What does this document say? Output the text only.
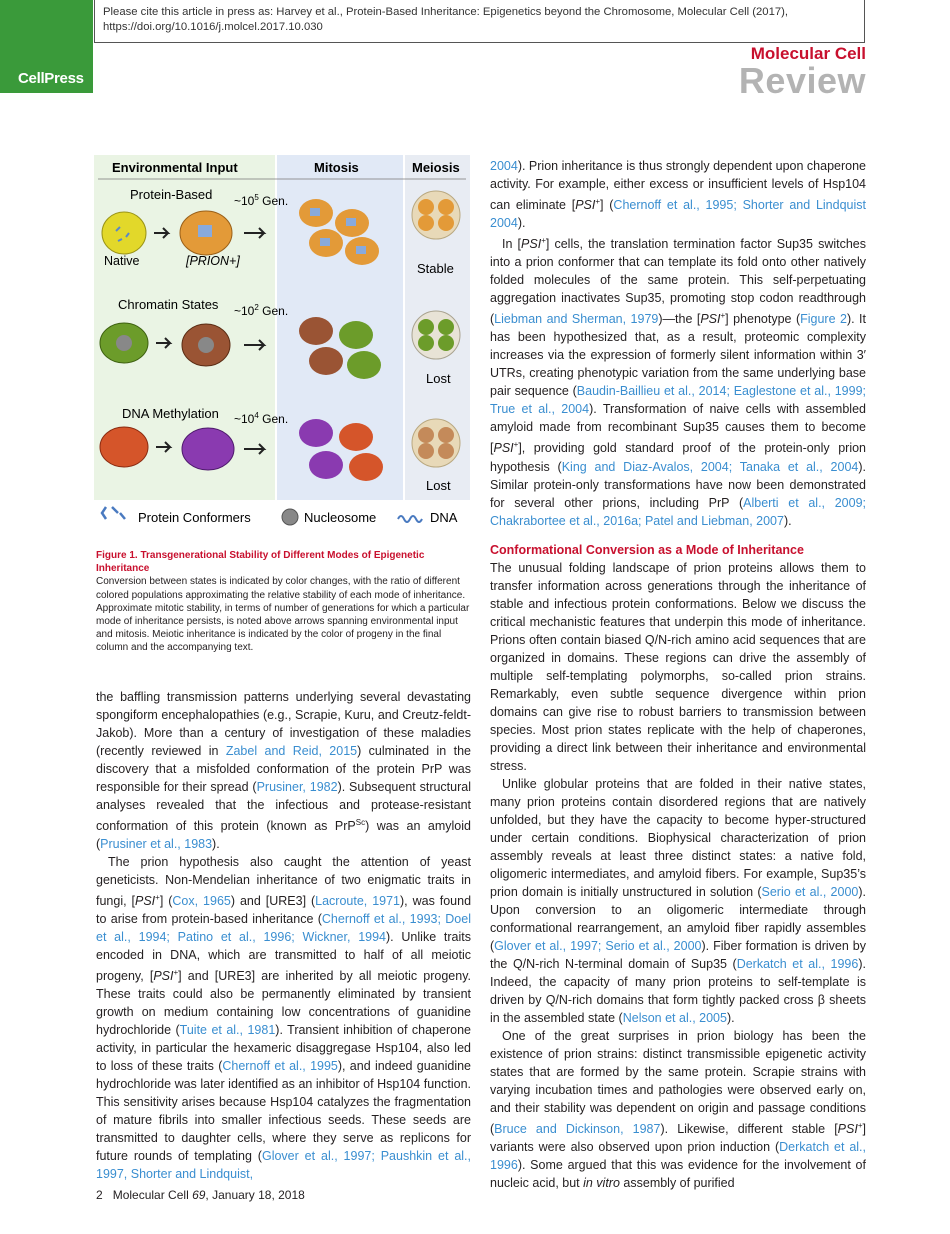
CellPress
Please cite this article in press as: Harvey et al., Protein-Based Inheritance: Epigenetics beyond the Chromosome, Molecular Cell (2017), https://doi.org/10.1016/j.molcel.2017.10.030
Molecular Cell
Review
Environmental Input	Mitosis	Meiosis
Protein-Based $\sim 10^5$ Gen.
Native	[PRION+]	Stable
Chromatin States $\sim 10^2$ Gen.
Lost
DNA Methylation $\sim 10^4$ Gen.
Lost
Protein Conformers	Nucleosome	DNA
Figure 1. Transgenerational Stability of Different Modes of Epigenetic Inheritance
Conversion between states is indicated by color changes, with the ratio of different colored populations approximating the relative stability of each mode of inheritance. Approximate mitotic stability, in terms of number of generations for which a particular mode of inheritance persists, is noted above arrows spanning environmental input and mitosis. Meiotic inheritance is indicated by the color of progeny in the final column and the accompanying text.

the baffling transmission patterns underlying several devastating spongiform encephalopathies (e.g., Scrapie, Kuru, and Creutz-feldt-Jakob). More than a century of investigation of these maladies (recently reviewed in Zabel and Reid, 2015) culminated in the discovery that a misfolded conformation of the protein PrP was responsible for their spread (Prusiner, 1982). Subsequent structural analyses revealed that the infectious and protease-resistant conformation of this protein (known as PrP$^{Sc}$) was an amyloid (Prusiner et al., 1983).

The prion hypothesis also caught the attention of yeast geneticists. Non-Mendelian inheritance of two enigmatic traits in fungi, [PSI+] (Cox, 1965) and [URE3] (Lacroute, 1971), was found to arise from protein-based inheritance (Chernoff et al., 1993; Doel et al., 1994; Patino et al., 1996; Wickner, 1994). Unlike traits encoded in DNA, which are transmitted to half of all meiotic progeny, [PSI+] and [URE3] are inherited by all meiotic progeny. These traits could also be permanently eliminated by transient growth on medium containing low concentrations of guanidine hydrochloride (Tuite et al., 1981). Transient inhibition of chaperone activity, in particular the hexameric disaggregase Hsp104, also led to loss of these traits (Chernoff et al., 1995), and indeed guanidine hydrochloride was later identified as an inhibitor of Hsp104 function. This sensitivity arises because Hsp104 catalyzes the fragmentation of mature fibrils into smaller infectious seeds. These seeds are transmitted to daughter cells, where they serve as replicons for future rounds of templating (Glover et al., 1997; Paushkin et al., 1997, Shorter and Lindquist,

2004). Prion inheritance is thus strongly dependent upon chaperone activity. For example, either excess or insufficient levels of Hsp104 can eliminate [PSI+] (Chernoff et al., 1995; Shorter and Lindquist 2004).

In [PSI+] cells, the translation termination factor Sup35 switches into a prion conformer that can template its fold onto other natively folded molecules of the same protein. This self-perpetuating aggregation inactivates Sup35, promoting stop codon readthrough (Liebman and Sherman, 1979)—the [PSI+] phenotype (Figure 2). It has been hypothesized that, as a result, proteomic complexity increases via the expression of formerly silent information within 3′ UTRs, creating phenotypic variation from the same underlying base pair sequence (Baudin-Baillieu et al., 2014; Eaglestone et al., 1999; True et al., 2004). Transformation of naive cells with assembled amyloid made from recombinant Sup35 causes them to become [PSI+], providing gold standard proof of the protein-only prion hypothesis (King and Diaz-Avalos, 2004; Tanaka et al., 2004). Similar protein-only transformations have now been demonstrated for several other prions, including PrP (Alberti et al., 2009; Chakrabortee et al., 2016a; Patel and Liebman, 2007).

Conformational Conversion as a Mode of Inheritance

The unusual folding landscape of prion proteins allows them to transfer information across generations through the inheritance of stable and infectious protein conformations. Below we discuss the critical mechanistic features that underpin this mode of inheritance. Prions often contain biased Q/N-rich amino acid sequences that are organized in domains. These regions can drive the assembly of multiple self-templating polymorphs, so-called prion strains. Remarkably, even subtle sequence divergence within prion domains can give rise to robust barriers to transmission between species. Most prion states replicate with the help of chaperones, providing a direct link between their inheritance and environmental stress.

Unlike globular proteins that are folded in their native states, many prion proteins contain disordered regions that are natively unfolded, but they have the capacity to become hyper-structured under certain conditions. Biophysical characterization of prion assembly reveals at least three distinct states: a native fold, oligomeric intermediates, and amyloid fibers. For example, Sup35’s prion domain is initially unstructured in solution (Serio et al., 2000). Upon conversion to an oligomeric intermediate through conformational rearrangement, an amyloid fiber rapidly assembles (Glover et al., 1997; Serio et al., 2000). Fiber formation is driven by the Q/N-rich N-terminal domain of Sup35 (Derkatch et al., 1996). Indeed, the capacity of many prion proteins to self-template is driven by Q/N-rich domains that form tightly packed cross β sheets in the assembled state (Nelson et al., 2005).

One of the great surprises in prion biology has been the existence of prion strains: distinct transmissible epigenetic activity states that are formed by the same protein. Scrapie strains with varying incubation times and pathologies were observed early on, and their stability was dependent on origin and passage conditions (Bruce and Dickinson, 1987). Likewise, different stable [PSI+] variants were also observed upon prion induction (Derkatch et al., 1996). Some argued that this was evidence for the involvement of nucleic acid, but in vitro assembly of purified

2 Molecular Cell 69, January 18, 2018
